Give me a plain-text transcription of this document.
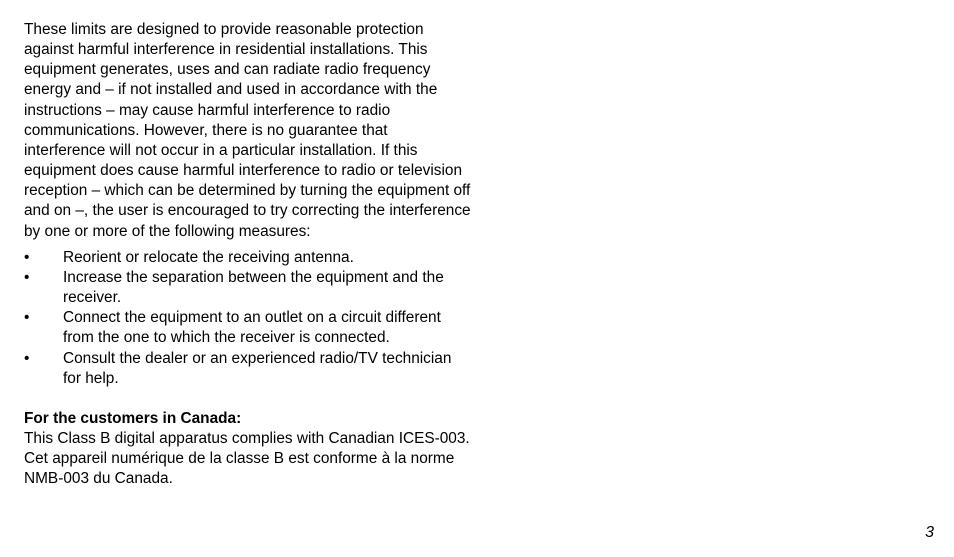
These limits are designed to provide reasonable protection against harmful interference in residential installations. This equipment generates, uses and can radiate radio frequency energy and – if not installed and used in accordance with the instructions – may cause harmful interference to radio communications. However, there is no guarantee that interference will not occur in a particular installation. If this equipment does cause harmful interference to radio or television reception – which can be determined by turning the equipment off and on –, the user is encouraged to try correcting the interference by one or more of the following measures:

• Reorient or relocate the receiving antenna.
• Increase the separation between the equipment and the receiver.
• Connect the equipment to an outlet on a circuit different from the one to which the receiver is connected.
• Consult the dealer or an experienced radio/TV technician for help.

For the customers in Canada:

This Class B digital apparatus complies with Canadian ICES-003. Cet appareil numérique de la classe B est conforme à la norme NMB-003 du Canada.

3
